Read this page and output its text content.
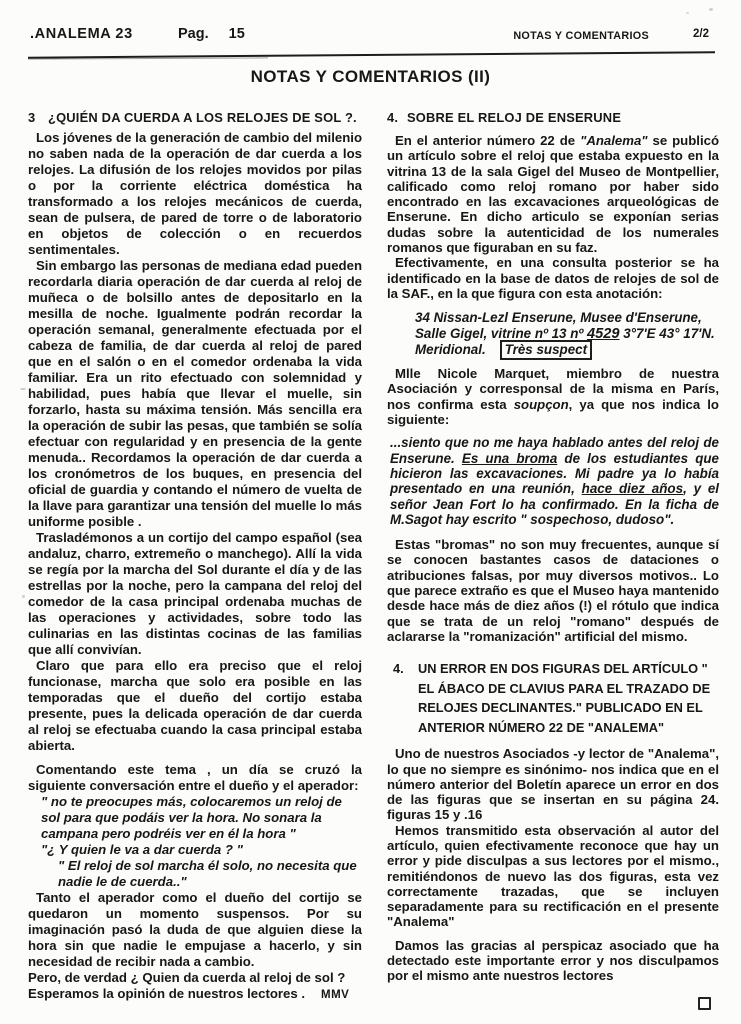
.ANALEMA 23	Pag. 15	NOTAS Y COMENTARIOS	2/2
NOTAS Y COMENTARIOS (II)
3 ¿QUIÉN DA CUERDA A LOS RELOJES DE SOL ?.

Los jóvenes de la generación de cambio del milenio no saben nada de la operación de dar cuerda a los relojes. La difusión de los relojes movidos por pilas o por la corriente eléctrica doméstica ha transformado a los relojes mecánicos de cuerda, sean de pulsera, de pared de torre o de laboratorio en objetos de colección o en recuerdos sentimentales.

Sin embargo las personas de mediana edad pueden recordarla diaria operación de dar cuerda al reloj de muñeca o de bolsillo antes de depositarlo en la mesilla de noche. Igualmente podrán recordar la operación semanal, generalmente efectuada por el cabeza de familia, de dar cuerda al reloj de pared que en el salón o en el comedor ordenaba la vida familiar. Era un rito efectuado con solemnidad y habilidad, pues había que llevar el muelle, sin forzarlo, hasta su máxima tensión. Más sencilla era la operación de subir las pesas, que también se solía efectuar con regularidad y en presencia de la gente menuda.. Recordamos la operación de dar cuerda a los cronómetros de los buques, en presencia del oficial de guardia y contando el número de vuelta de la llave para garantizar una tensión del muelle lo más uniforme posible .

Trasladémonos a un cortijo del campo español (sea andaluz, charro, extremeño o manchego). Allí la vida se regía por la marcha del Sol durante el día y de las estrellas por la noche, pero la campana del reloj del comedor de la casa principal ordenaba muchas de las operaciones y actividades, sobre todo las culinarias en las distintas cocinas de las familias que allí convivían.

Claro que para ello era preciso que el reloj funcionase, marcha que solo era posible en las temporadas que el dueño del cortijo estaba presente, pues la delicada operación de dar cuerda al reloj se efectuaba cuando la casa principal estaba abierta.

Comentando este tema , un día se cruzó la siguiente conversación entre el dueño y el aperador:

" no te preocupes más, colocaremos un reloj de sol para que podáis ver la hora. No sonara la campana pero podréis ver en él la hora "

"¿ Y quien le va a dar cuerda ? "

" El reloj de sol marcha él solo, no necesita que nadie le de cuerda.."

Tanto el aperador como el dueño del cortijo se quedaron un momento suspensos. Por su imaginación pasó la duda de que alguien diese la hora sin que nadie le empujase a hacerlo, y sin necesidad de recibir nada a cambio.

Pero, de verdad ¿ Quien da cuerda al reloj de sol ?

Esperamos la opinión de nuestros lectores . MMV

4. SOBRE EL RELOJ DE ENSERUNE

En el anterior número 22 de "Analema" se publicó un artículo sobre el reloj que estaba expuesto en la vitrina 13 de la sala Gigel del Museo de Montpellier, calificado como reloj romano por haber sido encontrado en las excavaciones arqueológicas de Enserune. En dicho articulo se exponían serias dudas sobre la autenticidad de los numerales romanos que figuraban en su faz.

Efectivamente, en una consulta posterior se ha identificado en la base de datos de relojes de sol de la SAF., en la que figura con esta anotación:

34 Nissan-Lezl Enserune, Musee d'Enserune, Salle Gigel, vitrine nº 13 nº 4529 3°7'E 43° 17'N. Meridional. Très suspect

Mlle Nicole Marquet, miembro de nuestra Asociación y corresponsal de la misma en París, nos confirma esta soupçon, ya que nos indica lo siguiente:

...siento que no me haya hablado antes del reloj de Enserune. Es una broma de los estudiantes que hicieron las excavaciones. Mi padre ya lo había presentado en una reunión, hace diez años, y el señor Jean Fort lo ha confirmado. En la ficha de M.Sagot hay escrito " sospechoso, dudoso".

Estas "bromas" no son muy frecuentes, aunque sí se conocen bastantes casos de dataciones o atribuciones falsas, por muy diversos motivos.. Lo que parece extraño es que el Museo haya mantenido desde hace más de diez años (!) el rótulo que indica que se trata de un reloj "romano" después de aclararse la "romanización" artificial del mismo.

4.	UN ERROR EN DOS FIGURAS DEL ARTÍCULO " EL ÁBACO DE CLAVIUS PARA EL TRAZADO DE RELOJES DECLINANTES." PUBLICADO EN EL ANTERIOR NÚMERO 22 DE "ANALEMA"

Uno de nuestros Asociados -y lector de "Analema", lo que no siempre es sinónimo- nos indica que en el número anterior del Boletín aparece un error en dos de las figuras que se insertan en su página 24. figuras 15 y .16

Hemos transmitido esta observación al autor del artículo, quien efectivamente reconoce que hay un error y pide disculpas a sus lectores por el mismo., remitiéndonos de nuevo las dos figuras, esta vez correctamente trazadas, que se incluyen separadamente para su rectificación en el presente "Analema"

Damos las gracias al perspicaz asociado que ha detectado este importante error y nos disculpamos por el mismo ante nuestros lectores
